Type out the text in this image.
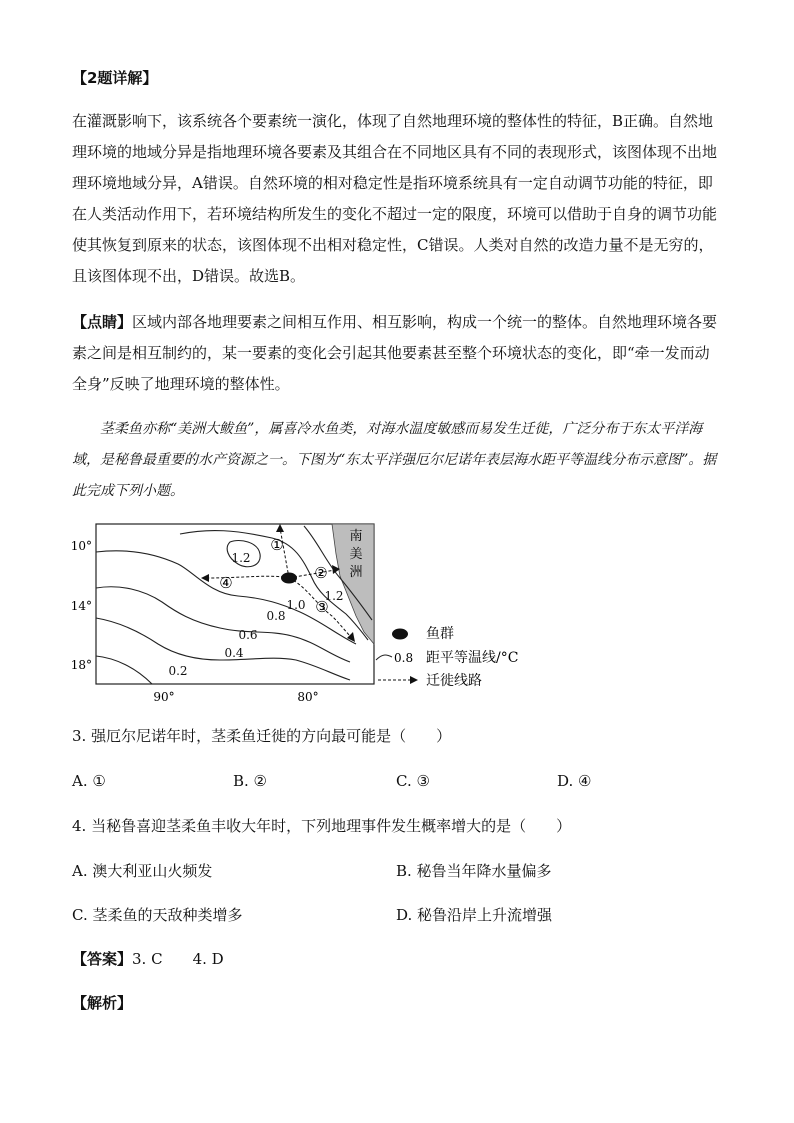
【2题详解】

在灌溉影响下，该系统各个要素统一演化，体现了自然地理环境的整体性的特征，B正确。自然地理环境的地域分异是指地理环境各要素及其组合在不同地区具有不同的表现形式，该图体现不出地理环境地域分异，A错误。自然环境的相对稳定性是指环境系统具有一定自动调节功能的特征，即在人类活动作用下，若环境结构所发生的变化不超过一定的限度，环境可以借助于自身的调节功能使其恢复到原来的状态，该图体现不出相对稳定性，C错误。人类对自然的改造力量不是无穷的，且该图体现不出，D错误。故选B。

【点睛】区域内部各地理要素之间相互作用、相互影响，构成一个统一的整体。自然地理环境各要素之间是相互制约的，某一要素的变化会引起其他要素甚至整个环境状态的变化，即“牵一发而动全身”反映了地理环境的整体性。

茎柔鱼亦称“美洲大鲅鱼”，属喜冷水鱼类，对海水温度敏感而易发生迁徙，广泛分布于东太平洋海域，是秘鲁最重要的水产资源之一。下图为“东太平洋强厄尔尼诺年表层海水距平等温线分布示意图”。据此完成下列小题。

南
美
洲
1.2
1.0
0.8
1.2
0.6
0.4
0.2
①
②
③
④
10°
14°
18°
90°	80°
鱼群
0.8 距平等温线/°C
迁徙线路

3. 强厄尔尼诺年时，茎柔鱼迁徙的方向最可能是（　　）

A. ①	B. ②	C. ③	D. ④

4. 当秘鲁喜迎茎柔鱼丰收大年时，下列地理事件发生概率增大的是（　　）

A. 澳大利亚山火频发	B. 秘鲁当年降水量偏多

C. 茎柔鱼的天敌种类增多	D. 秘鲁沿岸上升流增强

【答案】3. C　　4. D

【解析】
